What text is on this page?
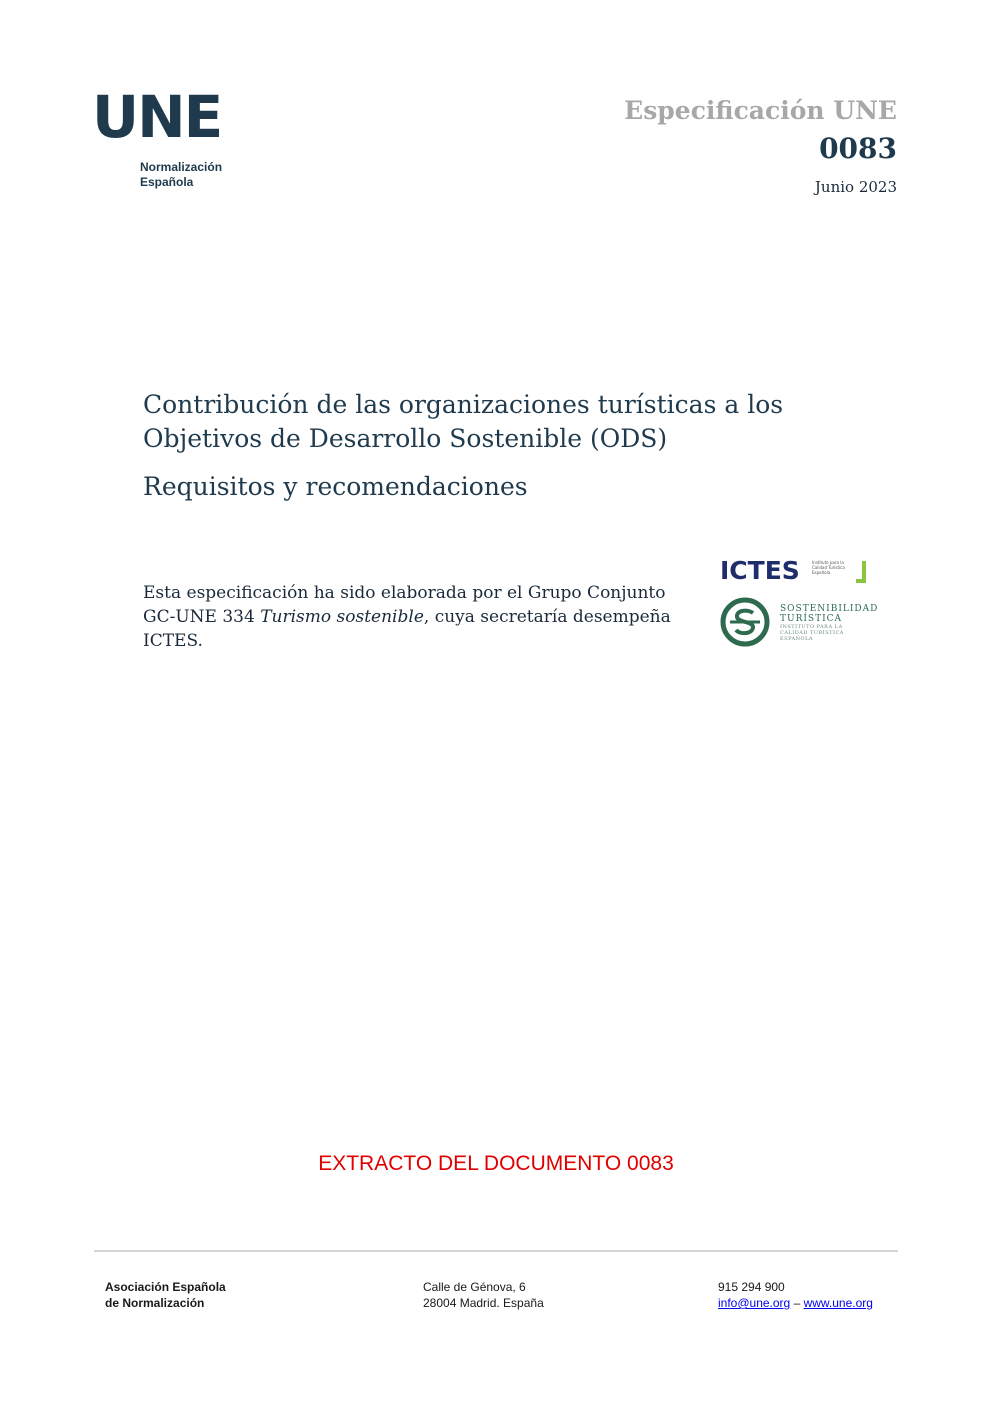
UNE
Normalización
Española
Especificación UNE
0083
Junio 2023
Contribución de las organizaciones turísticas a los
Objetivos de Desarrollo Sostenible (ODS)
Requisitos y recomendaciones
Esta especificación ha sido elaborada por el Grupo Conjunto GC-UNE 334 Turismo sostenible, cuya secretaría desempeña ICTES.
ICTES	Instituto para la Calidad Turística Española
SOSTENIBILIDAD
TURÍSTICA
INSTITUTO PARA LA
CALIDAD TURÍSTICA ESPAÑOLA
EXTRACTO DEL DOCUMENTO 0083
Asociación Española
de Normalización
Calle de Génova, 6
28004 Madrid. España
915 294 900
info@une.org – www.une.org
